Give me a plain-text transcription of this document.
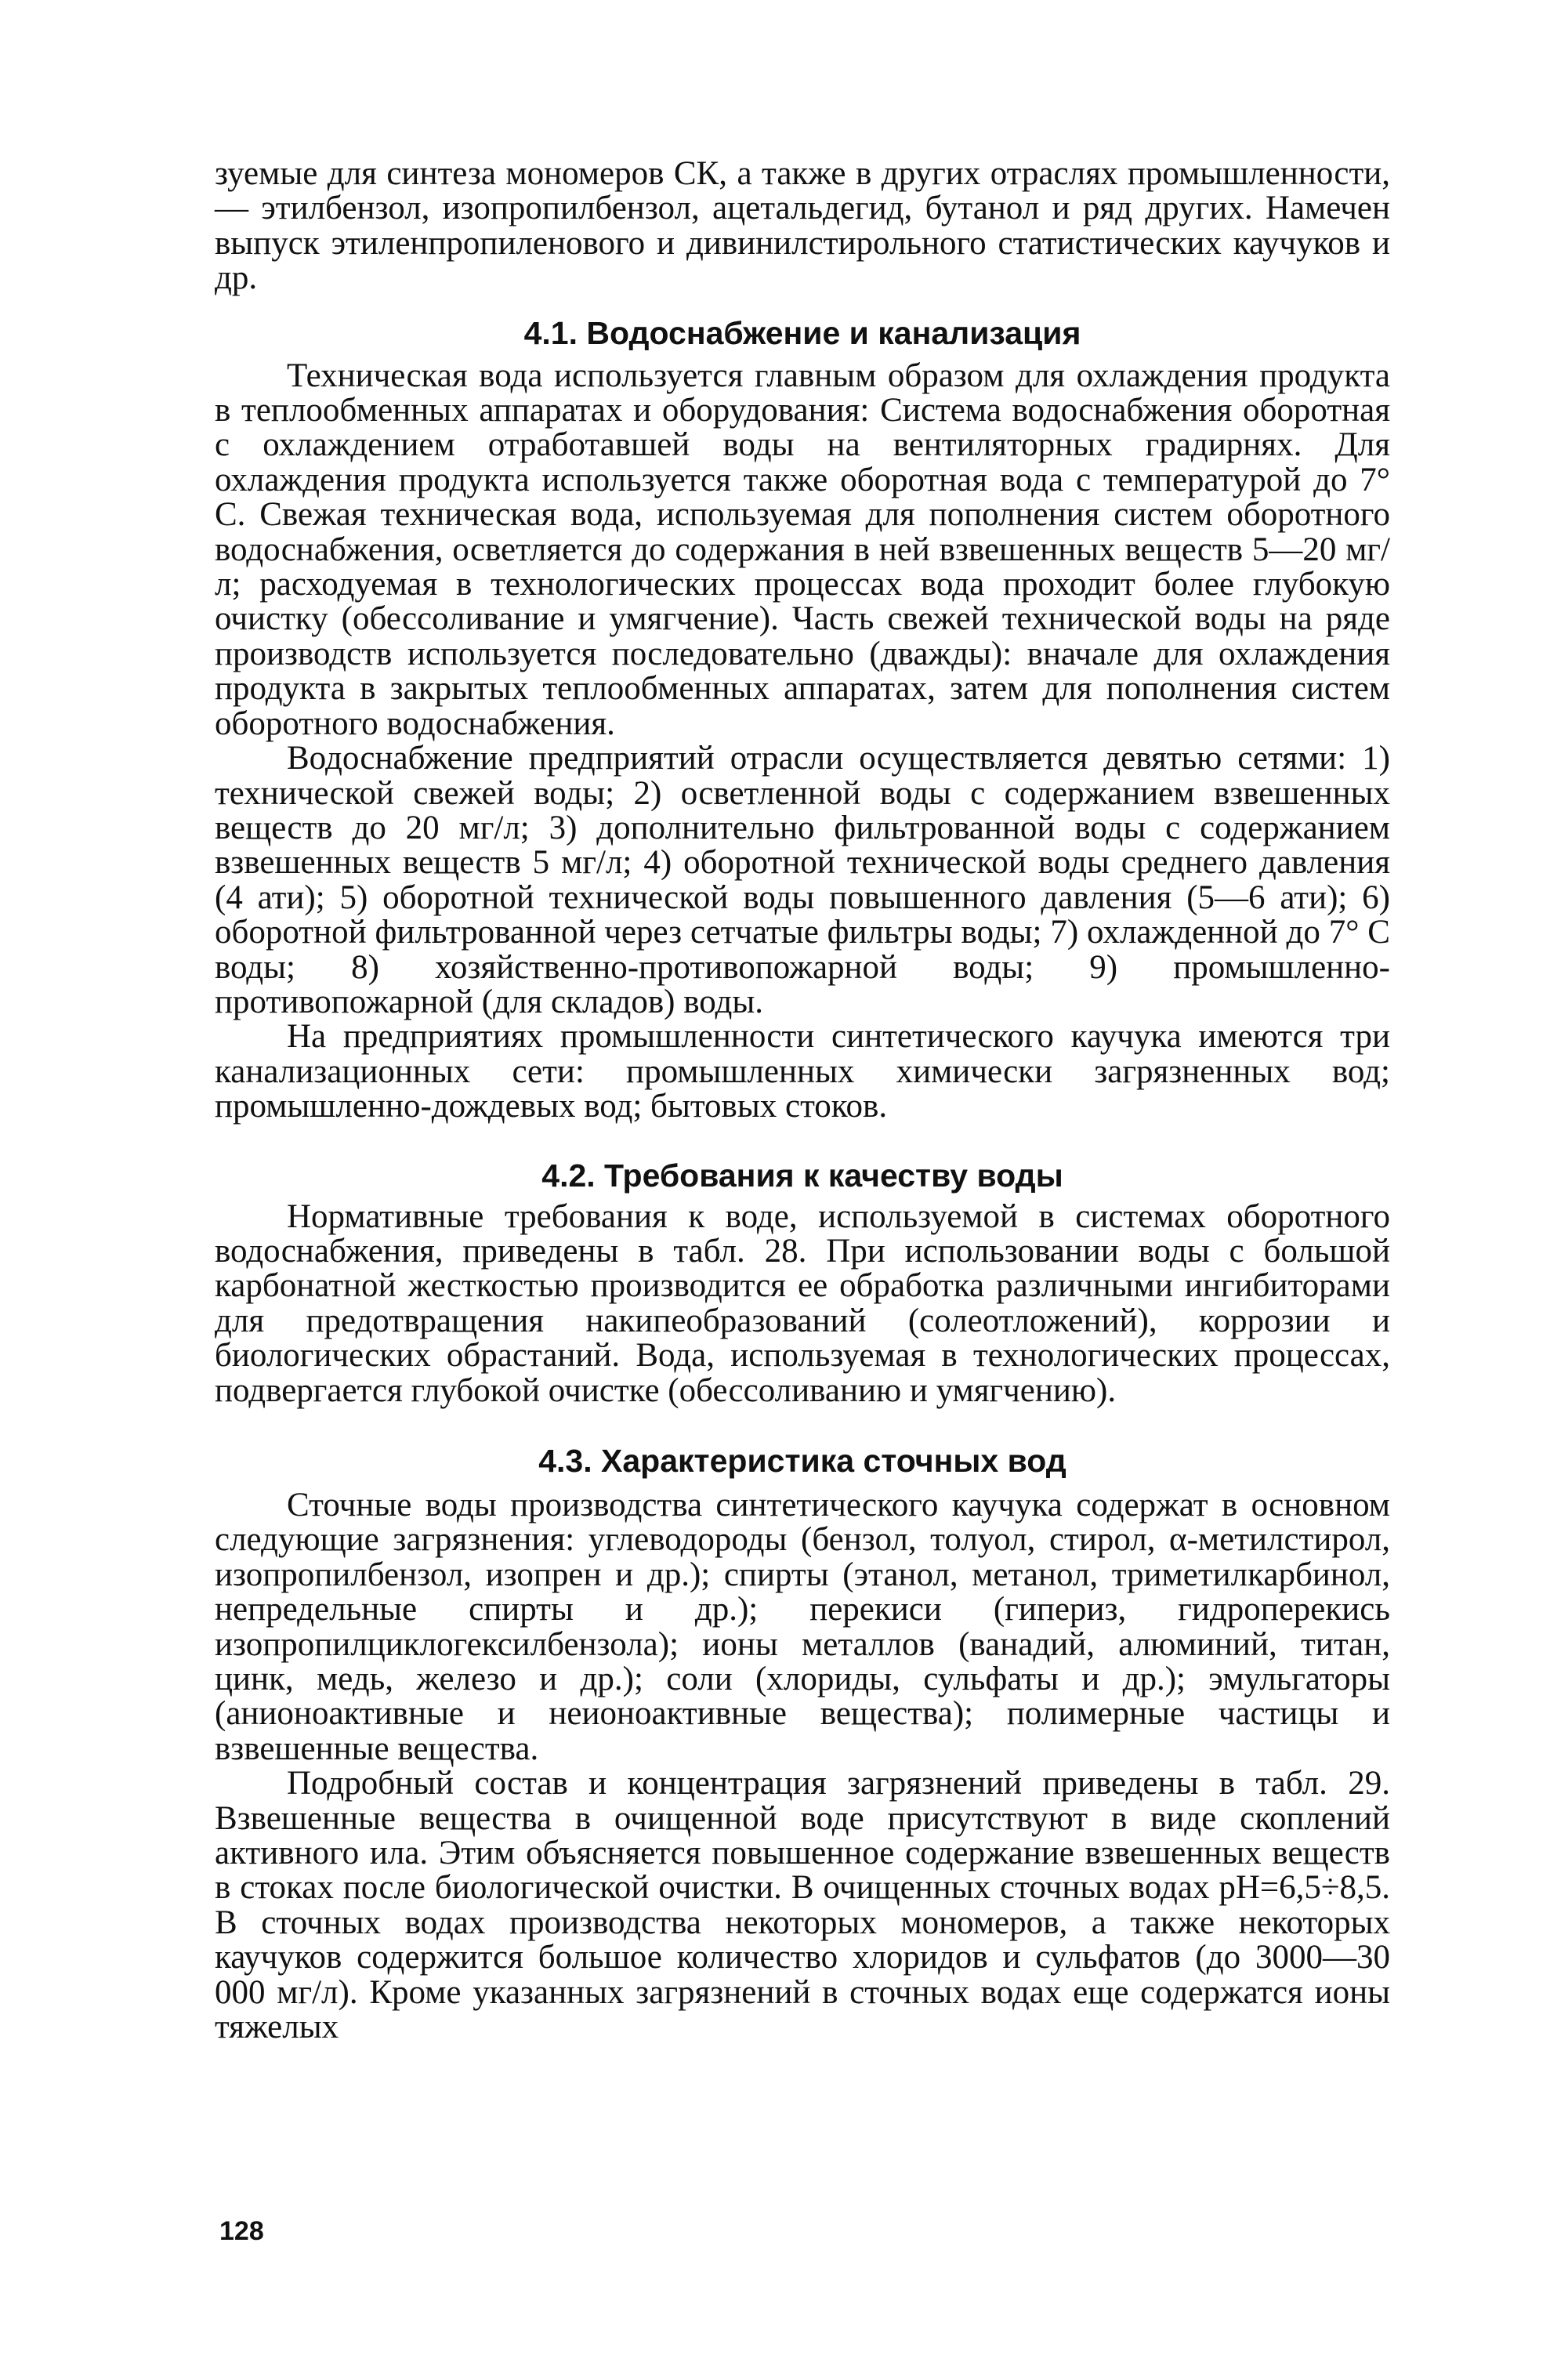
зуемые для синтеза мономеров СК, а также в других отраслях промышленности, — этилбензол, изопропилбензол, ацетальдегид, бутанол и ряд других. Намечен выпуск этиленпропиленового и дивинилстирольного статистических каучуков и др.

4.1. Водоснабжение и канализация

Техническая вода используется главным образом для охлаждения продукта в теплообменных аппаратах и оборудования: Система водоснабжения оборотная с охлаждением отработавшей воды на вентиляторных градирнях. Для охлаждения продукта используется также оборотная вода с температурой до 7° С. Свежая техническая вода, используемая для пополнения систем оборотного водоснабжения, осветляется до содержания в ней взвешенных веществ 5—20 мг/л; расходуемая в технологических процессах вода проходит более глубокую очистку (обессоливание и умягчение). Часть свежей технической воды на ряде производств используется последовательно (дважды): вначале для охлаждения продукта в закрытых теплообменных аппаратах, затем для пополнения систем оборотного водоснабжения.

Водоснабжение предприятий отрасли осуществляется девятью сетями: 1) технической свежей воды; 2) осветленной воды с содержанием взвешенных веществ до 20 мг/л; 3) дополнительно фильтрованной воды с содержанием взвешенных веществ 5 мг/л; 4) оборотной технической воды среднего давления (4 ати); 5) оборотной технической воды повышенного давления (5—6 ати); 6) оборотной фильтрованной через сетчатые фильтры воды; 7) охлажденной до 7° С воды; 8) хозяйственно-противопожарной воды; 9) промышленно-противопожарной (для складов) воды.

На предприятиях промышленности синтетического каучука имеются три канализационных сети: промышленных химически загрязненных вод; промышленно-дождевых вод; бытовых стоков.

4.2. Требования к качеству воды

Нормативные требования к воде, используемой в системах оборотного водоснабжения, приведены в табл. 28. При использовании воды с большой карбонатной жесткостью производится ее обработка различными ингибиторами для предотвращения накипеобразований (солеотложений), коррозии и биологических обрастаний. Вода, используемая в технологических процессах, подвергается глубокой очистке (обессоливанию и умягчению).

4.3. Характеристика сточных вод

Сточные воды производства синтетического каучука содержат в основном следующие загрязнения: углеводороды (бензол, толуол, стирол, α-метилстирол, изопропилбензол, изопрен и др.); спирты (этанол, метанол, триметилкарбинол, непредельные спирты и др.); перекиси (гипериз, гидроперекись изопропилциклогексилбензола); ионы металлов (ванадий, алюминий, титан, цинк, медь, железо и др.); соли (хлориды, сульфаты и др.); эмульгаторы (анионоактивные и неионоактивные вещества); полимерные частицы и взвешенные вещества.

Подробный состав и концентрация загрязнений приведены в табл. 29. Взвешенные вещества в очищенной воде присутствуют в виде скоплений активного ила. Этим объясняется повышенное содержание взвешенных веществ в стоках после биологической очистки. В очищенных сточных водах pH=6,5÷8,5. В сточных водах производства некоторых мономеров, а также некоторых каучуков содержится большое количество хлоридов и сульфатов (до 3000—30 000 мг/л). Кроме указанных загрязнений в сточных водах еще содержатся ионы тяжелых

128
